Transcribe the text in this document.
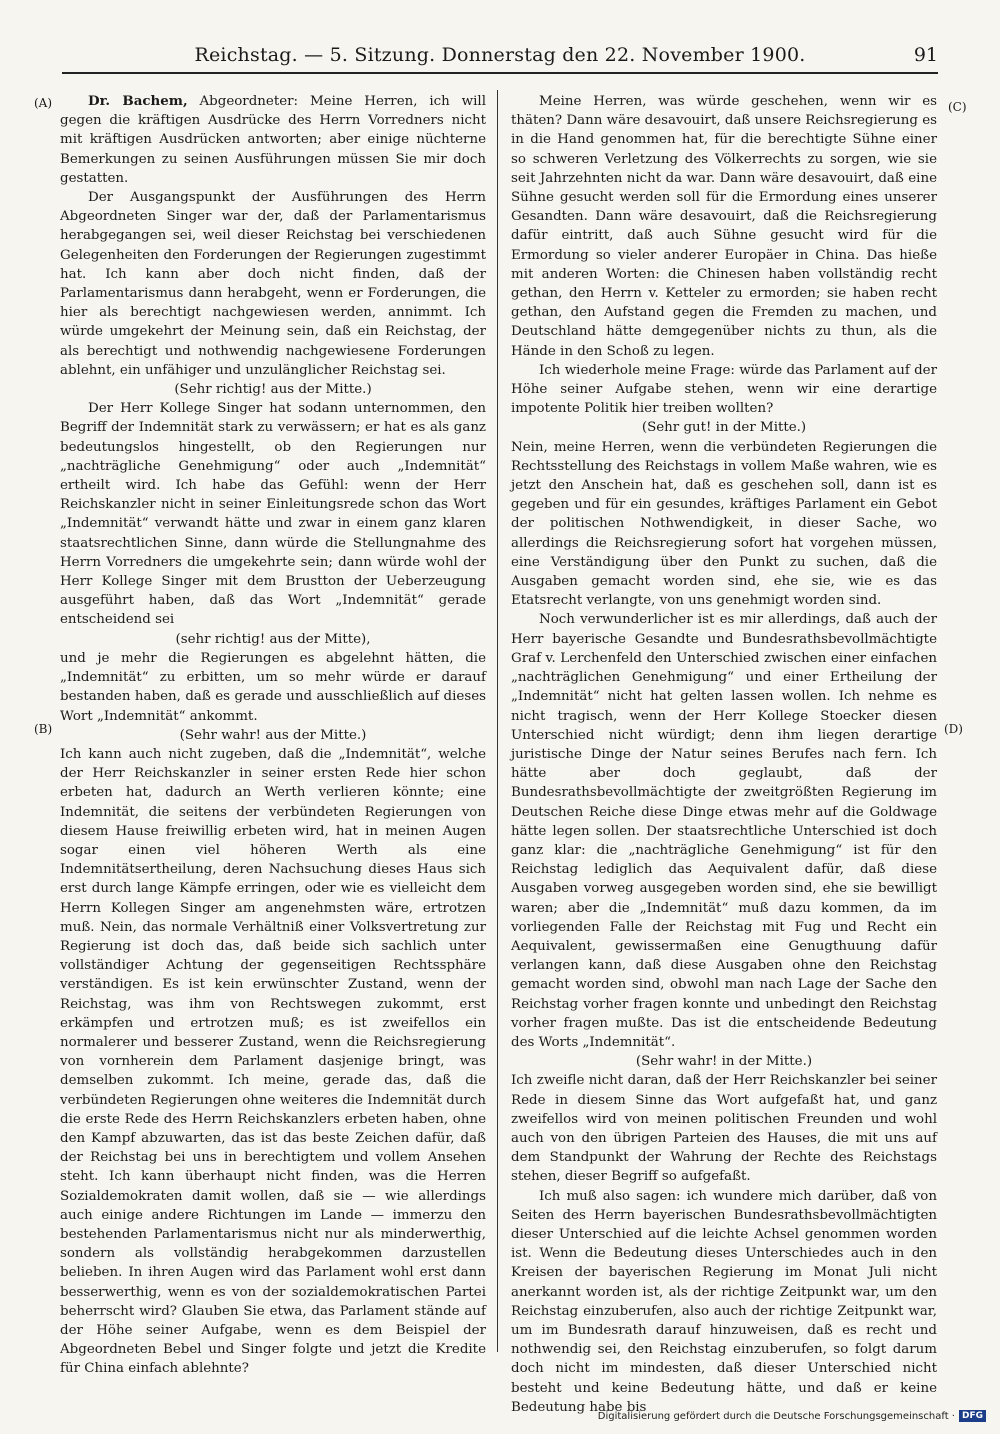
Reichstag. — 5. Sitzung. Donnerstag den 22. November 1900.	91
(A)
(B)
(C)
(D)

Dr. Bachem, Abgeordneter: Meine Herren, ich will gegen die kräftigen Ausdrücke des Herrn Vorredners nicht mit kräftigen Ausdrücken antworten; aber einige nüchterne Bemerkungen zu seinen Ausführungen müssen Sie mir doch gestatten.

Der Ausgangspunkt der Ausführungen des Herrn Abgeordneten Singer war der, daß der Parlamentarismus herabgegangen sei, weil dieser Reichstag bei verschiedenen Gelegenheiten den Forderungen der Regierungen zugestimmt hat. Ich kann aber doch nicht finden, daß der Parlamentarismus dann herabgeht, wenn er Forderungen, die hier als berechtigt nachgewiesen werden, annimmt. Ich würde umgekehrt der Meinung sein, daß ein Reichstag, der als berechtigt und nothwendig nachgewiesene Forderungen ablehnt, ein unfähiger und unzulänglicher Reichstag sei.

(Sehr richtig! aus der Mitte.)

Der Herr Kollege Singer hat sodann unternommen, den Begriff der Indemnität stark zu verwässern; er hat es als ganz bedeutungslos hingestellt, ob den Regierungen nur „nachträgliche Genehmigung“ oder auch „Indemnität“ ertheilt wird. Ich habe das Gefühl: wenn der Herr Reichskanzler nicht in seiner Einleitungsrede schon das Wort „Indemnität“ verwandt hätte und zwar in einem ganz klaren staatsrechtlichen Sinne, dann würde die Stellungnahme des Herrn Vorredners die umgekehrte sein; dann würde wohl der Herr Kollege Singer mit dem Brustton der Ueberzeugung ausgeführt haben, daß das Wort „Indemnität“ gerade entscheidend sei

(sehr richtig! aus der Mitte),

und je mehr die Regierungen es abgelehnt hätten, die „Indemnität“ zu erbitten, um so mehr würde er darauf bestanden haben, daß es gerade und ausschließlich auf dieses Wort „Indemnität“ ankommt.

(Sehr wahr! aus der Mitte.)

Ich kann auch nicht zugeben, daß die „Indemnität“, welche der Herr Reichskanzler in seiner ersten Rede hier schon erbeten hat, dadurch an Werth verlieren könnte; eine Indemnität, die seitens der verbündeten Regierungen von diesem Hause freiwillig erbeten wird, hat in meinen Augen sogar einen viel höheren Werth als eine Indemnitätsertheilung, deren Nachsuchung dieses Haus sich erst durch lange Kämpfe erringen, oder wie es vielleicht dem Herrn Kollegen Singer am angenehmsten wäre, ertrotzen muß. Nein, das normale Verhältniß einer Volksvertretung zur Regierung ist doch das, daß beide sich sachlich unter vollständiger Achtung der gegenseitigen Rechtssphäre verständigen. Es ist kein erwünschter Zustand, wenn der Reichstag, was ihm von Rechtswegen zukommt, erst erkämpfen und ertrotzen muß; es ist zweifellos ein normalerer und besserer Zustand, wenn die Reichsregierung von vornherein dem Parlament dasjenige bringt, was demselben zukommt. Ich meine, gerade das, daß die verbündeten Regierungen ohne weiteres die Indemnität durch die erste Rede des Herrn Reichskanzlers erbeten haben, ohne den Kampf abzuwarten, das ist das beste Zeichen dafür, daß der Reichstag bei uns in berechtigtem und vollem Ansehen steht. Ich kann überhaupt nicht finden, was die Herren Sozialdemokraten damit wollen, daß sie — wie allerdings auch einige andere Richtungen im Lande — immerzu den bestehenden Parlamentarismus nicht nur als minderwerthig, sondern als vollständig herabgekommen darzustellen belieben. In ihren Augen wird das Parlament wohl erst dann besserwerthig, wenn es von der sozialdemokratischen Partei beherrscht wird? Glauben Sie etwa, das Parlament stände auf der Höhe seiner Aufgabe, wenn es dem Beispiel der Abgeordneten Bebel und Singer folgte und jetzt die Kredite für China einfach ablehnte?

Meine Herren, was würde geschehen, wenn wir es thäten? Dann wäre desavouirt, daß unsere Reichsregierung es in die Hand genommen hat, für die berechtigte Sühne einer so schweren Verletzung des Völkerrechts zu sorgen, wie sie seit Jahrzehnten nicht da war. Dann wäre desavouirt, daß eine Sühne gesucht werden soll für die Ermordung eines unserer Gesandten. Dann wäre desavouirt, daß die Reichsregierung dafür eintritt, daß auch Sühne gesucht wird für die Ermordung so vieler anderer Europäer in China. Das hieße mit anderen Worten: die Chinesen haben vollständig recht gethan, den Herrn v. Ketteler zu ermorden; sie haben recht gethan, den Aufstand gegen die Fremden zu machen, und Deutschland hätte demgegenüber nichts zu thun, als die Hände in den Schoß zu legen.

Ich wiederhole meine Frage: würde das Parlament auf der Höhe seiner Aufgabe stehen, wenn wir eine derartige impotente Politik hier treiben wollten?

(Sehr gut! in der Mitte.)

Nein, meine Herren, wenn die verbündeten Regierungen die Rechtsstellung des Reichstags in vollem Maße wahren, wie es jetzt den Anschein hat, daß es geschehen soll, dann ist es gegeben und für ein gesundes, kräftiges Parlament ein Gebot der politischen Nothwendigkeit, in dieser Sache, wo allerdings die Reichsregierung sofort hat vorgehen müssen, eine Verständigung über den Punkt zu suchen, daß die Ausgaben gemacht worden sind, ehe sie, wie es das Etatsrecht verlangte, von uns genehmigt worden sind.

Noch verwunderlicher ist es mir allerdings, daß auch der Herr bayerische Gesandte und Bundesrathsbevollmächtigte Graf v. Lerchenfeld den Unterschied zwischen einer einfachen „nachträglichen Genehmigung“ und einer Ertheilung der „Indemnität“ nicht hat gelten lassen wollen. Ich nehme es nicht tragisch, wenn der Herr Kollege Stoecker diesen Unterschied nicht würdigt; denn ihm liegen derartige juristische Dinge der Natur seines Berufes nach fern. Ich hätte aber doch geglaubt, daß der Bundesrathsbevollmächtigte der zweitgrößten Regierung im Deutschen Reiche diese Dinge etwas mehr auf die Goldwage hätte legen sollen. Der staatsrechtliche Unterschied ist doch ganz klar: die „nachträgliche Genehmigung“ ist für den Reichstag lediglich das Aequivalent dafür, daß diese Ausgaben vorweg ausgegeben worden sind, ehe sie bewilligt waren; aber die „Indemnität“ muß dazu kommen, da im vorliegenden Falle der Reichstag mit Fug und Recht ein Aequivalent, gewissermaßen eine Genugthuung dafür verlangen kann, daß diese Ausgaben ohne den Reichstag gemacht worden sind, obwohl man nach Lage der Sache den Reichstag vorher fragen konnte und unbedingt den Reichstag vorher fragen mußte. Das ist die entscheidende Bedeutung des Worts „Indemnität“.

(Sehr wahr! in der Mitte.)

Ich zweifle nicht daran, daß der Herr Reichskanzler bei seiner Rede in diesem Sinne das Wort aufgefaßt hat, und ganz zweifellos wird von meinen politischen Freunden und wohl auch von den übrigen Parteien des Hauses, die mit uns auf dem Standpunkt der Wahrung der Rechte des Reichstags stehen, dieser Begriff so aufgefaßt.

Ich muß also sagen: ich wundere mich darüber, daß von Seiten des Herrn bayerischen Bundesrathsbevollmächtigten dieser Unterschied auf die leichte Achsel genommen worden ist. Wenn die Bedeutung dieses Unterschiedes auch in den Kreisen der bayerischen Regierung im Monat Juli nicht anerkannt worden ist, als der richtige Zeitpunkt war, um den Reichstag einzuberufen, also auch der richtige Zeitpunkt war, um im Bundesrath darauf hinzuweisen, daß es recht und nothwendig sei, den Reichstag einzuberufen, so folgt darum doch nicht im mindesten, daß dieser Unterschied nicht besteht und keine Bedeutung hätte, und daß er keine Bedeutung habe bis

Digitalisierung gefördert durch die Deutsche Forschungsgemeinschaft · DFG
